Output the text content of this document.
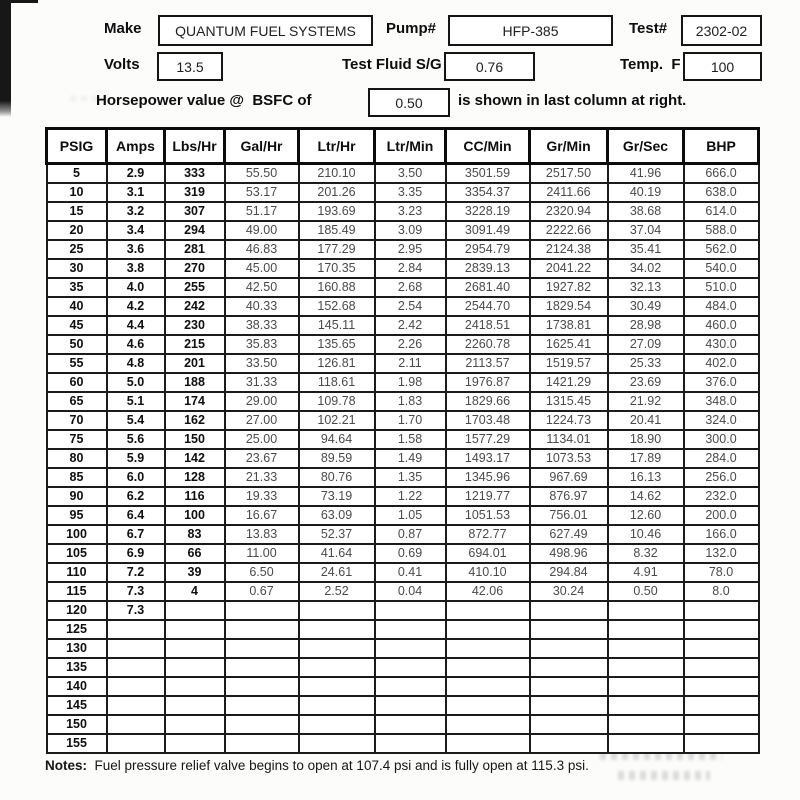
Make	QUANTUM FUEL SYSTEMS	Pump#	HFP-385	Test#	2302-02
Volts	13.5	Test Fluid S/G	0.76	Temp.  F	100
Horsepower value @  BSFC of	0.50	is shown in last column at right.
PSIG	Amps	Lbs/Hr	Gal/Hr	Ltr/Hr	Ltr/Min	CC/Min	Gr/Min	Gr/Sec	BHP
5	2.9	333	55.50	210.10	3.50	3501.59	2517.50	41.96	666.0
10	3.1	319	53.17	201.26	3.35	3354.37	2411.66	40.19	638.0
15	3.2	307	51.17	193.69	3.23	3228.19	2320.94	38.68	614.0
20	3.4	294	49.00	185.49	3.09	3091.49	2222.66	37.04	588.0
25	3.6	281	46.83	177.29	2.95	2954.79	2124.38	35.41	562.0
30	3.8	270	45.00	170.35	2.84	2839.13	2041.22	34.02	540.0
35	4.0	255	42.50	160.88	2.68	2681.40	1927.82	32.13	510.0
40	4.2	242	40.33	152.68	2.54	2544.70	1829.54	30.49	484.0
45	4.4	230	38.33	145.11	2.42	2418.51	1738.81	28.98	460.0
50	4.6	215	35.83	135.65	2.26	2260.78	1625.41	27.09	430.0
55	4.8	201	33.50	126.81	2.11	2113.57	1519.57	25.33	402.0
60	5.0	188	31.33	118.61	1.98	1976.87	1421.29	23.69	376.0
65	5.1	174	29.00	109.78	1.83	1829.66	1315.45	21.92	348.0
70	5.4	162	27.00	102.21	1.70	1703.48	1224.73	20.41	324.0
75	5.6	150	25.00	94.64	1.58	1577.29	1134.01	18.90	300.0
80	5.9	142	23.67	89.59	1.49	1493.17	1073.53	17.89	284.0
85	6.0	128	21.33	80.76	1.35	1345.96	967.69	16.13	256.0
90	6.2	116	19.33	73.19	1.22	1219.77	876.97	14.62	232.0
95	6.4	100	16.67	63.09	1.05	1051.53	756.01	12.60	200.0
100	6.7	83	13.83	52.37	0.87	872.77	627.49	10.46	166.0
105	6.9	66	11.00	41.64	0.69	694.01	498.96	8.32	132.0
110	7.2	39	6.50	24.61	0.41	410.10	294.84	4.91	78.0
115	7.3	4	0.67	2.52	0.04	42.06	30.24	0.50	8.0
120	7.3								
125									
130									
135									
140									
145									
150									
155									
Notes: Fuel pressure relief valve begins to open at 107.4 psi and is fully open at 115.3 psi.
